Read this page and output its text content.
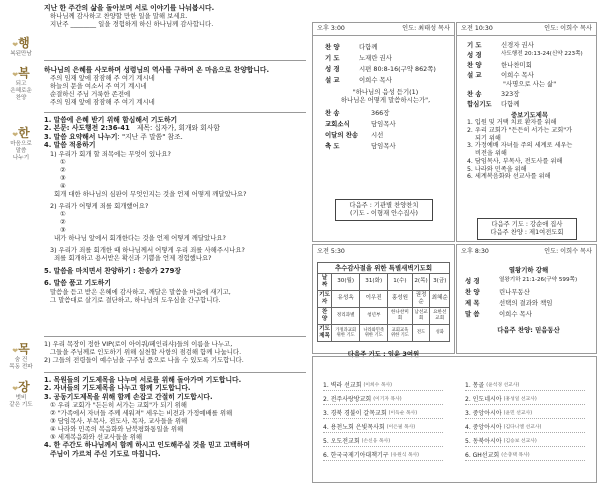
❤행
복된만남
지난 한 주간의 삶을 돌아보며 서로 이야기를 나눠봅시다.
하나님께 감사하고 찬양할 만한 일을 말해 보세요.
지난주 ________ 일을 경험하게 하신 하나님께 감사합니다.
❤복
되고
은혜로운
찬양
하나님의 은혜를 사모하며 성령님의 역사를 구하며 온 마음으로 찬양합니다.
주의 임재 앞에 잠잠해 주 여기 계시네
하늘의 문을 여소서 주 여기 계시네
순결하신 주님 거룩한 존전에
주의 임재 앞에 잠잠해 주 여기 계시네
❤한
마음으로
말씀
나누기
1. 말씀에 은혜 받기 위해 함심해서 기도하기
2. 본문: 사도행전 2:36-41 제목: 십자가, 회개와 회사함
3. 말씀 요약해서 나누기: "지난 주 말씀" 참조.
4. 말씀 적용하기
1) 우리가 회개 할 죄목에는 무엇이 있나요?
①
②
③
④
회개 대한 하나님의 심판이 무엇인지는 것을 언제 어떻게 깨달았나요?
2) 우리가 어떻게 죄를 회개했어요?
①
②
③
내가 하나님 앞에서 회개한다는 것을 언제 어떻게 깨달았나요?
3) 우리가 죄를 회개한 때 하나님께서 어떻게 우리 죄를 사해주시나요?
죄를 회개하고 용서받은 확신과 기쁨을 언제 경험했나요?
5. 말씀을 마치면서 찬양하기 : 찬송가 279장
6. 말씀 품고 기도하기
말씀을 듣고 받은 은혜에 감사하고, 깨달은 말씀을 마음에 새기고,
그 말씀대로 살기로 결단하고, 하나님의 도우심을 간구합니다.
❤목
숨 건
목동 전파
1) 우리 목장이 정한 VIP(로이 아이쿼/페인리샤)들의 이름을 나누고,
그들을 주님께로 인도하기 위해 실천할 사항의 점검해 함께 나눕니다.
2) 그들의 전령들이 예수님을 구주님 품으로 나올 수 있도록 기도합니다.
❤장
벗비
같은 기도
1. 목원들의 기도제목을 나누며 서로를 위해 돌아가며 기도합니다.
2. 자녀들의 기도제목을 나누고 함께 기도합니다.
3. 공동기도제목을 위해 함께 손잡고 간절히 기도합시다.
① 우리 교회가 "든든히 서가는 교회"가 되기 위해
② "가족에서 자녀들 주께 세워져" 세우는 비전과 가정예배를 위해
③ 담임목사, 부목사, 전도사, 목자, 교사들을 위해
④ 나라와 민족의 복음화와 남북평화통일을 위해
⑤ 세계복음화와 선교사들을 위해
4. 한 주간도 하나님께서 함께 하시고 인도해주실 것을 믿고 고백하며
주님이 가르쳐 주신 기도로 마칩니다.
오후 3:00	인도: 최태성 목사
찬 양	다함께
기 도	노재란 권사
성 경	시편 80:8-16(구약 862쪽)
설 교	이희수 목사
"하나님의 음성 듣기(1)
하나님은 어떻게 말씀하시는가",
찬 송	366장
교회소식	담임목사
이달의 찬송	시선
축 도	담임목사
다음주 : 기관별 찬양찬치
(기도 - 이형재 안수집사)
오전 10:30	인도: 이희수 목사
기 도	신경자 권사
성 경	사도행전 20:13-24(신약 223쪽)
찬 양	한나찬미회
설 교	이희수 목사
"사명으로 사는 삶"
찬 송	323장
합심기도	다함께
중보기도제목
1. 입원 및 거택 치료 환자를 위해
2. 우리 교회가 "든든히 서가는 교회"가
되기 위해
3. 가정예배 자녀들 주의 세계로 세우는
비전을 위해
4. 담임목사, 부목사, 전도사를 위해
5. 나라와 민족을 위해
6. 세계복음화와 선교사를 위해
다음주 기도 : 강순애 집사
다음주 찬양 : 제1여전도회
오전 5:30
추수감사절을 위한 특별새벽기도회
날 짜	30(월)	31(화)	1(수)	2(목)	3(금)
기도자	유성옥	이우진	홍성원	권정순	최혜순
찬 양	정리과별	청년부	한나찬미회	남선교회	요한선교회
기도제목	가정과교회 위한 기도	나라와민족 위한 기도	교회교육 위한 기도	전도	성화
다음주 기도 : 임윤 3여원
오후 8:30	인도: 이희수 목사
열왕기하 강해
성 경	열왕기하 21:1-26(구약 599쪽)
찬 양	린나무동산
제 목	선택의 결과와 책임
말 씀	이희수 목사
다음주 찬양: 믿음동산
1. 벽라 선교회 (이희수 목사)
2. 전주사랑방교회 (이기자 목사)
3. 경북 경불이 갈목교회 (이득순 목사)
4. 용천노회 은빛목사회 (이은필 목사)
5. 오도전교회 (손신웅 목사)
6. 한국국제기아대책기구 (유원식 목사)
1. 몽골 (윤석경 선교사)
2. 인도네시아 (홍성일 선교사)
3. 중앙아시아 (윤민 선교사)
4. 중앙아시아 (김다니엘 선교사)
5. 동북아시아 (김승보 선교사)
6. GH선교회 (손충택 목사)
